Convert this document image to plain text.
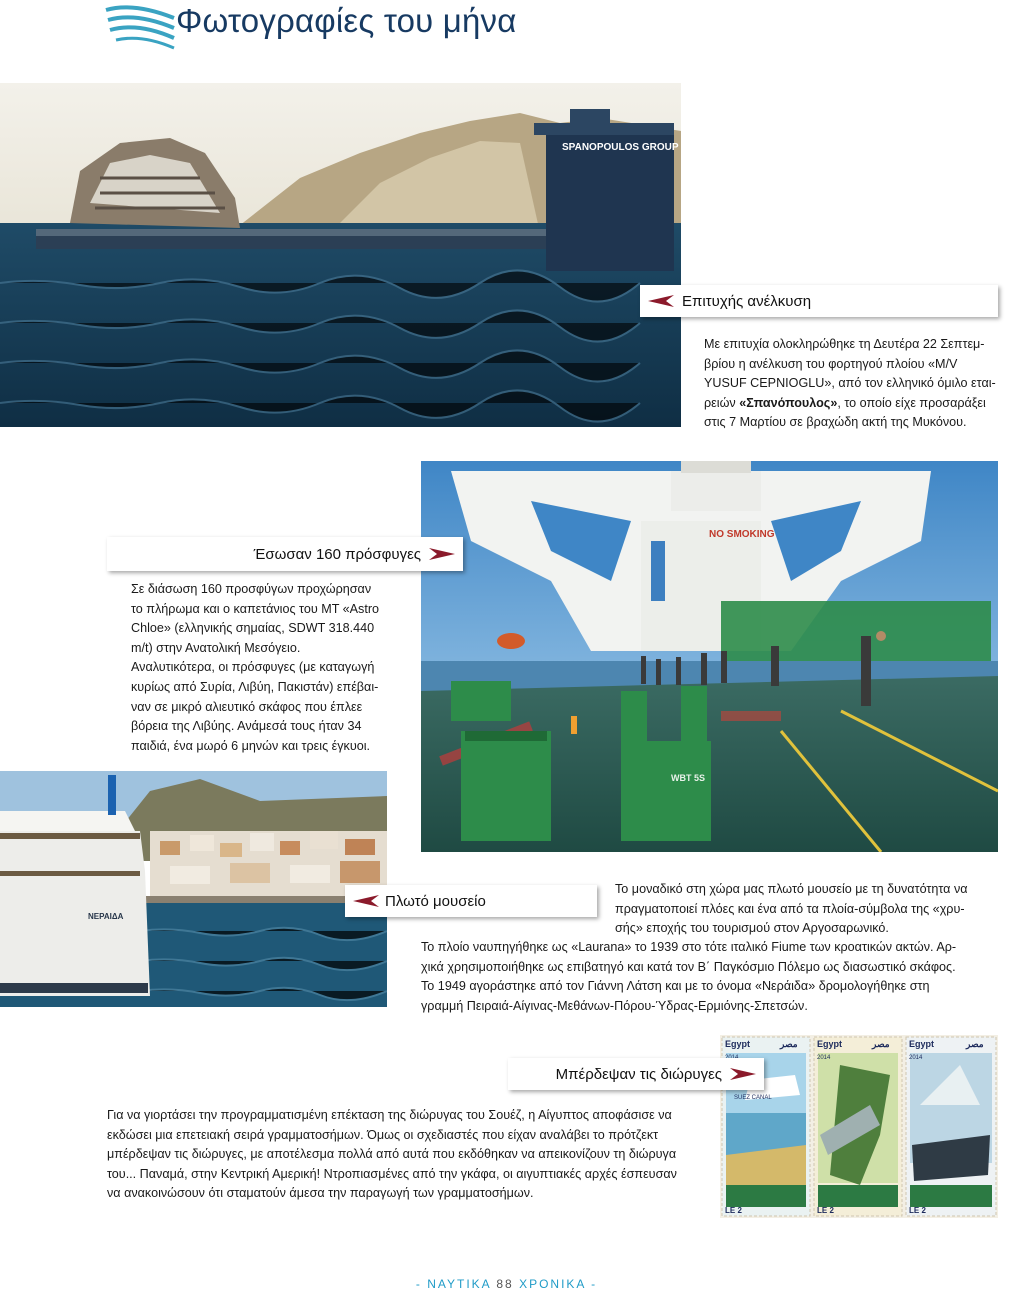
Φωτογραφίες του μήνα
SPANOPOULOS GROUP
Επιτυχής ανέλκυση
Με επιτυχία ολοκληρώθηκε τη Δευτέρα 22 Σεπτεμ-
βρίου η ανέλκυση του φορτηγού πλοίου «M/V
YUSUF CEPNIOGLU», από τον ελληνικό όμιλο εται-
ρειών «Σπανόπουλος», το οποίο είχε προσαράξει
στις 7 Μαρτίου σε βραχώδη ακτή της Μυκόνου.
NO SMOKING
WBT 5S
Έσωσαν 160 πρόσφυγες
Σε διάσωση 160 προσφύγων προχώρησαν
το πλήρωμα και ο καπετάνιος του ΜΤ «Astro
Chloe» (ελληνικής σημαίας, SDWT 318.440
m/t) στην Ανατολική Μεσόγειο.
Αναλυτικότερα, οι πρόσφυγες (με καταγωγή
κυρίως από Συρία, Λιβύη, Πακιστάν) επέβαι-
ναν σε μικρό αλιευτικό σκάφος που έπλεε
βόρεια της Λιβύης. Ανάμεσά τους ήταν 34
παιδιά, ένα μωρό 6 μηνών και τρεις έγκυοι.
ΝΕΡΑΙΔΑ
Πλωτό μουσείο
Το μοναδικό στη χώρα μας πλωτό μουσείο με τη δυνατότητα να
πραγματοποιεί πλόες και ένα από τα πλοία-σύμβολα της «χρυ-
σής» εποχής του τουρισμού στον Αργοσαρωνικό.
Το πλοίο ναυπηγήθηκε ως «Laurana» το 1939 στο τότε ιταλικό Fiume των κροατικών ακτών. Αρ-
χικά χρησιμοποιήθηκε ως επιβατηγό και κατά τον Β΄ Παγκόσμιο Πόλεμο ως διασωστικό σκάφος.
Το 1949 αγοράστηκε από τον Γιάννη Λάτση και με το όνομα «Νεράιδα» δρομολογήθηκε στη
γραμμή Πειραιά-Αίγινας-Μεθάνων-Πόρου-Ύδρας-Ερμιόνης-Σπετσών.
Egypt	مصر
SUEZ CANAL
LE 2
Egypt
2014
مصر
LE 2
Egypt
2014
مصر
LE 2
Μπέρδεψαν τις διώρυγες
Για να γιορτάσει την προγραμματισμένη επέκταση της διώρυγας του Σουέζ, η Αίγυπτος αποφάσισε να
εκδώσει μια επετειακή σειρά γραμματοσήμων. Όμως οι σχεδιαστές που είχαν αναλάβει το πρότζεκτ
μπέρδεψαν τις διώρυγες, με αποτέλεσμα πολλά από αυτά που εκδόθηκαν να απεικονίζουν τη διώρυγα
του... Παναμά, στην Κεντρική Αμερική! Ντροπιασμένες από την γκάφα, οι αιγυπτιακές αρχές έσπευσαν
να ανακοινώσουν ότι σταματούν άμεσα την παραγωγή των γραμματοσήμων.
- ΝΑΥΤΙΚΑ 88 ΧΡΟΝΙΚΑ -
